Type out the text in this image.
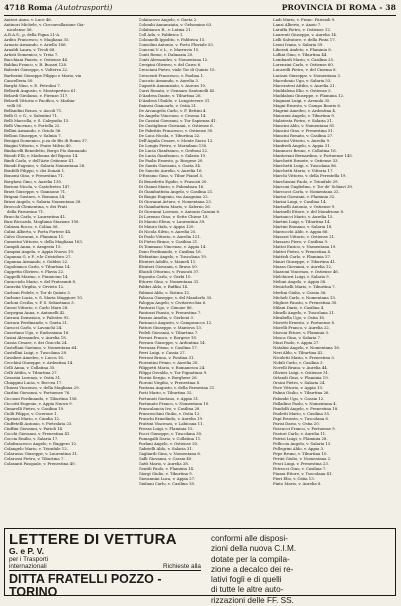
4718 Roma (Autotrasporti)	PROVINCIA DI ROMA - 38
Anitori Anna, v. Luce 46.
Antinori Michele, v. Circonvallazione Gia-
nicolense 56.
A.R.A.S., p. della Pigna 21-A.
Ardito Francesco, v. Magliana 35.
Armato Armando, v. Ariella 186.
Arnaldi Laura, v. Tivoli 68.
Artisti Domenico, v. Treia 7.
Bacchiani Fausto, v. Ostiense 44.
Baldini Franco, v. B. Buozzi 128.
Balestri Giuseppe, v. Volterra 22.
Barberini Giuseppe Filippo e Mario, via
Cancelleria 50.
Barghi Nino, v. E. Petrolini 7.
Bellardi Augusto, v. Montepertico 61.
Belardi Girolamo, v. Firenze 117.
Belardi Vittorio e Pacifico, v. Mathia-
velli 50.
Bellandini Renzo, v. Ascoli 71.
Belli G. e G., v. Salentini 71.
Belli Marcella, v. S. Calepodio 15.
Belli Vincenzo, v. Portella 22.
Bellini Armando, v. Oriolo 56.
Belloni Giuseppe, v. Salmia 7.
Benigni Domenico, p.za de Bis di Roma 37.
Biagini Vittorio, v. Ponte Milvio 40.
Bindacelli Benedetto, Borgo Pio ilonnando
Biondi F.lli, v. Madonna del Riposo 14.
Bindi Carlo, v. dell'Arte Ostiense 41.
Biondi Eugenio, v. Salaria Nomentana 26.
Bonfelli Filippo, v. dei Donati 1.
Bonomi Gino, v. Prenestina 71.
Borghesi Gino, v. Aurelia 130.
Borioni Nicola, v. Castelvetro 147.
Bravi Giuseppe, v. Giannone 71.
Brigani Gustavo, v. Romana 24.
Brizzi Angelo, v. Salaria Nomentana 28.
Broccoli Clementina, v. dei Prati
della Farnesina 71.
Brucchi Carlo, v. Laurentina 41.
Buzi Riccardo, Mogliana Stazione 190.
Cabizza Rocco, v. Colina 56.
Calini Alberto, v. Porta Portese 44.
Calvo Giovanni, v. Flaminia 11.
Camerini Vittorio, v. della Magliana 163.
Campili Anna, v. Aragesta 15.
Campini Angela, v. Appia Nuova 19.
Capanna G. e F., v.le Cristoforo 27.
Capanna Armando, v. Gubbio 22.
Capobianco Carlo, v. Tiburtina 14.
Cappetta Oliviero, v. Flavia 22.
Cappelli Marino, v. Fiumicino 14.
Caracciolo Mario, v. del Pratosanti 8.
Caravita Virgilio, v. Orvieto 12.
Carboni Fedele, v. Tor di Quinto 3.
Carbone Lucia, v. S. Maria Maggiore 10.
Carloni Cecilia, v. P. S. Sebastiano 3.
Carosi Vittorio, v. Carlo Marx 28.
Carpegna Anna, v. Antonelli 42.
Carrara Domenico, v. Palestro 92.
Carrara Ferdinando, v. Gaeta 21.
Carucci Carlo, v. Lavanchi 24.
Casertano Ugo, v. Eudossiana 16.
Casini Alessandro, v. Aurelia 18.
Cassia Cesare, v. dei Gracchi 24.
Castellani Gaetano, v. Nomentana 64.
Castellini Luigi, v. Tuscolana 28.
Cavalieri Amedeo, v. Lucca 16.
Cecchini Giuseppe, v. Ardeatina 14.
Celli Anna, v. Collatina 35.
Celli Attilio, v. Tiburtina 27.
Cesarini Lorenzo, v. Ostia 31.
Chiappini Lucia, v. Boccea 17.
Chiassi Vincenzo, v. della Magliana 29.
Ciarlini Giovanni, v. Portuense 76.
Ciccioni Ferdinando, v. Tiburtina 156.
Ciccotti Eugenio, v. Appia Nuova 9.
Cimarelli Pietro, v. Casilina 19.
Ciolli Filippo, v. Cicerone 1.
Cipriani Mario, v. Candia 12.
Ciuffetelli Antonio, v. Pietralata 23.
Ciuffini Giovanni, v. Parioli 14.
Cocchi Giovanni, v. Prenestina 41.
Coccia Emilio, v. Salaria 17.
Colafrancesco Angelo, v. Ruggero 12.
Colangelo Mario, v. Trionfale 12.
Colarusso Giuseppe, v. Laurentina 31.
Colarossi Pietro, v. Tiburtina 7.
Colasanti Pasquale, v. Prenestina 40.
Colaiacovo Angelo, v. Gaeta 2.
Colombi Annunziata, v. Gelsomino 63.
Colabianco R., v. Latina 21.
Coll Ada, v. Fabbrica 1.
Colonnelli Ippolito, v. Fabbrica 15.
Consolini Antonio, v. Porto Fluviale 55.
Conconi V. e L., v. Marruvio 15.
Conti Remo, v. Dalmazia 20.
Conti Alessandro, v. Nomentana 12.
Crespini Oliviero, v. del Carro 6.
Cresciani Pietro, viale Tor di Quinto 15.
Crescenti Francesco, v. Paolina 1.
Cuccato Armando, v. Aurelia 3.
Cugnetti Annunziato, v. Aurora 10.
Curzi Renato, v. Gennaro Santonelli 45.
D'Andrea Dante, v. Tiburtina 26.
D'Andrea Ubaldo, v. Lungotevere 31.
Dainesi Giancarlo, v. Ostia 21.
De Arcangelis Carlo, v. F. Bettini 4.
De Angelis Vincenzo, v. Cesena 14.
De Cassini Giovanni, v. Tor Sapienza 41.
De Castiglione Giovanni, v. Ostiense 6.
De Fabritiis Francesco, v. Ostiense 30.
De Luca Nicola, v. Tiburtina 22.
Dell'Aquila Cesare, v. Monte Sacro 12.
De Longis Pietro, v. Moradano 130.
De Lucia Gianfranco, v. Gerboni 22.
De Lucia Gianfranco, v. Salaria 19.
De Paolis Ernesto, p. Borgese 20.
De Santis Giovanni, v. Gaeta 34.
De Sanctis Aurelio, v. Aurelia 16.
D'Erasmo Gino, v. Tibur Pianel 5.
Di Benedetto Egidio, v. Frascati 20.
Di Gianni Mario, v. Palombara 16.
Di Giambattista Angelo, v. Casilina 21.
Di Biagio Eugenio, via Anagnina 22.
Di Giovanni Arturo, v. Nomentana 23.
Di Giambattista Mario, v. Salerno 26.
Di Giovanni Lorenzo, v. Antonio Cassini 6.
Di Lorenzo Gino, v. Sette Chiese 18.
Di Marzio Elena, v. Laurentina 39.
Di Mauro Italo, v. Appia 120.
Di Nicola Silvio, v. Aurelia 25.
Di Paolo Vittorio, v. Aurelia 121.
Di Pietro Bruno, v. Casilina 21.
Di Tommaso Vincenzo, v. Appia 14.
Dono Ferdinando, v. Casilina 16.
Elefantino Angelo, v. Tuscolana 19.
Eleuteri Adolfo, v. Mameli 11.
Eleuteri Giovanni, v. Brava 50.
Elucidi Ottorino, v. Frascati 37.
Esposito Carlo, v. Gerbi 10.
Ettorre Gino, v. Nomentana 31.
Fabbri Aldo, v. Ruffini 14.
Fabiani Aldo, v. Sistina 12.
Falasca Giuseppe, v. del Mandorlo 35.
Faloppa Angelo, v. Civitavecchia 6.
Fantozzi Ugo, v. Cimone 86.
Fantozzi Fausto, v. Prenestina 7.
Fasano Amelia, v. Gerboni 3.
Farinacci Augusto, v. Camposacco 12.
Fattori Giuseppe, v. Mantova 13.
Fedeli Giovanni, v. Tiburtina 7.
Ferrari Franco, v. Borgese 18.
Ferrara Giuseppe, v. Ardeatina 14.
Ferrazza Primo, v. Casilina 17.
Ferri Luigi, v. Cassia 27.
Ferroni Bruno, v. Pontina 31.
Fiorentini Primo, v. Aurelia 20.
Filippetti Mario, v. Romanesca 24.
Filippi Osvaldo, v. Tor Pignattara 9.
Fiorini Sergio, v. Borghese 26.
Fioroni Virgilio, v. Prenestina 8.
Fontana Augusto, v. della Farnesina 21.
Forti Mario, v. Tiburtina 32.
Fortunati Gaetano, v. Appia 31.
Fortunato Franco, v. Nomentana 10.
Francalancia Ivo, v. Casilina 28.
Franceschini Giulio, v. Ostia 12.
Franchi Ermelindo, v. Aurelia 19.
Frattini Vincenzo, v. Labicana 11.
Frezza Luigi, v. Flaminia 15.
Fucci Giuseppe, v. Tuscolana 30.
Fumagalli Dario, v. Collatina 11.
Furlani Angelo, v. Ostiense 20.
Gabrielli Aldo, v. Salaria 31.
Gagliardi Gino, v. Nomentana 6.
Galli Giovanni, v. Cassia 40.
Gatti Mario, v. Aurelia 28.
Gentili Paolo, v. Flaminia 14.
Giorgi Giulio, v. Tiburtina 9.
Giovannini Luca, v. Appia 27.
Giuliani Carlo, v. Casilina 18.
Ladi Mario, v. Franc. Parisioli 9.
Lanzi Alberto, v. Anzio 7.
Laruffa Pietro, v. Ostiense 12.
Laurenti Giuseppe, v. Aurelia 14.
Lelli Salvatore, v. della Pinta 17.
Leoni Ivana, v. Salaria 59.
Liberati Amleto, v. Flaminia 8.
Lollini Gino, v. Tiburtina 44.
Lombardi Mario, v. Casilina 25.
Lorenzini Carlo, v. Ostiense 60.
Lucarelli Pietro, v. del Cinema 8.
Luciani Giuseppe, v. Nomentana 3.
Macedonio Ugo, v. Salaria 53.
Maceratesi Attilio, v. Aurelia 21.
Maddalena Elio, v. Ostiense 5.
Maddaloni Giuseppe, v. Flaminia 12.
Magnani Luigi, v. Arenula 35.
Magni Ernesto, v. Campo Boario 6.
Magrini Amedeo, v. Ardeatina 4.
Maiorani Angelo, v. Tiburtina 9.
Malatesta Pietro, v. Salaria 21.
Mancini Aldo, v. Nomentana 81.
Mancini Gino, v. Prenestina 51.
Mancini Renato, v. Casilina 27.
Mancini Vittorio, v. Aurelia 9.
Manfredi Angelo, v. Appia 31.
Mannucci Bruno, v. Collatina 16.
Mantovani Bernardino, v. Portuense 145.
Marchetti Ermete, v. Ostiense 33.
Marchetti Luigi, v. Tuscolana 86.
Marchetti Mario, v. Vittoria 17.
Marchi Vittorio, v. della Ferratella 19.
Marchionni Paolo, v. Trionfale 29.
Marconi Guglielmo, v. Tor de' Schiavi 39.
Marcucci Carlo, v. Nomentana 22.
Marini Giovanni, v. Flaminia 32.
Marini Luigi, v. Casilina 14.
Marinelli Antonio, v. Ostiense 9.
Marinelli Ettore, v. del Mandrione 8.
Marinucci Mario, v. Aurelia 15.
Martini Luigi, v. Tiburtina 14.
Martini Romano, v. Salaria 18.
Marzocchi Aldo, v. Appia 66.
Massari Vittorio, v. Ostiense 21.
Massaro Piero, v. Casilina 9.
Mattei Enrico, v. Nomentana 19.
Mattei Pietro, v. Prenestina 4.
Mattioli Carlo, v. Flaminia 37.
Mauri Giuseppe, v. Tiburtina 41.
Mazza Giovanni, v. Aurelia 12.
Mazzoni Vincenzo, v. Ostiense 46.
Melchiorri Luigi, v. Salaria 9.
Meloni Angelo, v. Appia 58.
Menichelli Mario, v. Tiburtina 7.
Merlini Giulio, v. Cassia 36.
Micheli Carlo, v. Nomentana 13.
Migliori Fausto, v. Prenestina 30.
Milani Dario, v. Casilina 4.
Minelli Angelo, v. Tuscolana 21.
Mirabella Ugo, v. Ostia 16.
Moretti Ernesto, v. Portuense 8.
Morelli Franco, v. Aurelia 22.
Moroni Ettore, v. Flaminia 3.
Mosca Gino, v. Salaria 7.
Muzi Paolo, v. Appia 27.
Natalini Angelo, v. Nomentana 16.
Neri Aldo, v. Tiburtina 42.
Nicoletti Mario, v. Prenestina 5.
Nobili Carlo, v. Casilina 3.
Novelli Bruno, v. Aurelia 44.
Olivieri Luigi, v. Ostiense 31.
Orlandi Gino, v. Flaminia 19.
Orsini Pietro, v. Salaria 24.
Pace Vittorio, v. Appia 13.
Palma Giulio, v. Tiburtina 26.
Palombi Ugo, v. Cassia 12.
Palladino Paolo, v. Nomentana 4.
Pandolfi Angelo, v. Prenestina 18.
Paoletti Mario, v. Casilina 35.
Papi Ernesto, v. Tuscolana 6.
Parisi Dario, v. Ostia 20.
Pascucci Franco, v. Portuense 9.
Pastori Carlo, v. Aurelia 11.
Patrizi Luigi, v. Flaminia 28.
Pelliccia Angelo, v. Salaria 15.
Pellegrini Aldo, v. Appia 3.
Pepe Bruno, v. Tiburtina 10.
Perini Giulio, v. Nomentana 2.
Pesci Luigi, v. Prenestina 23.
Petrucci Gino, v. Casilina 7.
Piazza Ettore, v. Tuscolana 41.
Pieri Elio, v. Ostia 13.
Pinto Mario, v. Aurelia 8.
LETTERE DI VETTURA
G. e P. V.
per i Trasporti
internazionali	Richieste alla
DITTA FRATELLI POZZO - TORINO
conformi alle disposi-
zioni della nuova C.I.M.
dotate per la compila-
zione a decalco dei re-
lativi fogli e di quelli
di tutte le altre auto-
rizzazioni delle FF. SS.
